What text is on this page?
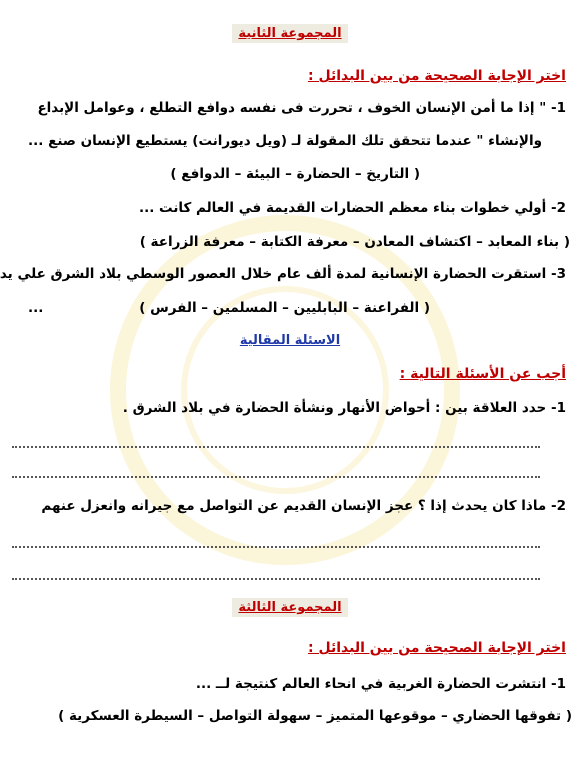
المجموعة الثانية
اختر الإجابة الصحيحة من بين البدائل :
1- " إذا ما أمن الإنسان الخوف ، تحررت فى نفسه دوافع التطلع ، وعوامل الإبداع
والإنشاء " عندما تتحقق تلك المقولة لـ (ويل ديورانت) يستطيع الإنسان صنع ...
( التاريخ – الحضارة – البيئة – الدوافع )
2- أولي خطوات بناء معظم الحضارات القديمة في العالم كانت ...
( بناء المعابد – اكتشاف المعادن – معرفة الكتابة – معرفة الزراعة )
3- استقرت الحضارة الإنسانية لمدة ألف عام خلال العصور الوسطي بلاد الشرق علي يد
...	( الفراعنة – البابليين – المسلمين – الفرس )
الاسئلة المقالية
أجب عن الأسئلة التالية :
1- حدد العلاقة بين : أحواض الأنهار ونشأة الحضارة في بلاد الشرق .
2- ماذا كان يحدث إذا ؟ عجز الإنسان القديم عن التواصل مع جيرانه وانعزل عنهم
المجموعة الثالثة
اختر الإجابة الصحيحة من بين البدائل :
1- انتشرت الحضارة الغربية في انحاء العالم كنتيجة لــ ...
( تفوقها الحضاري – موقوعها المتميز – سهولة التواصل – السيطرة العسكرية )
